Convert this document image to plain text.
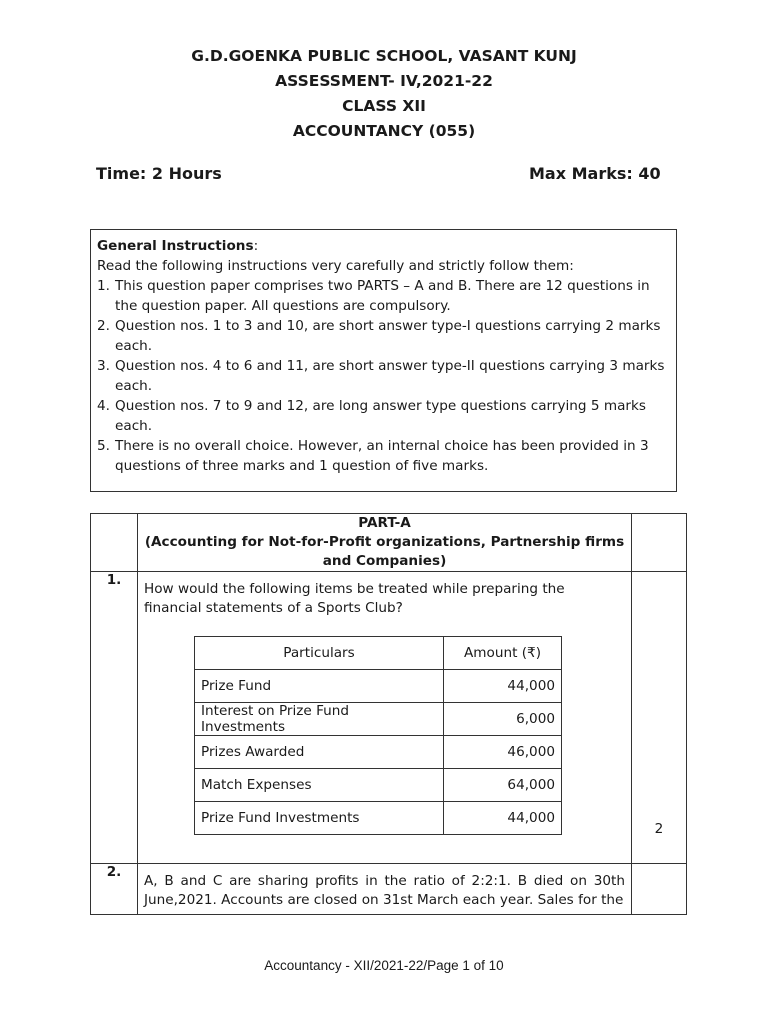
G.D.GOENKA PUBLIC SCHOOL, VASANT KUNJ
ASSESSMENT- IV,2021-22
CLASS XII
ACCOUNTANCY (055)
Time: 2 Hours	Max Marks: 40
General Instructions:
Read the following instructions very carefully and strictly follow them:
1. This question paper comprises two PARTS – A and B. There are 12 questions in the question paper. All questions are compulsory.
2. Question nos. 1 to 3 and 10, are short answer type-I questions carrying 2 marks each.
3. Question nos. 4 to 6 and 11, are short answer type-II questions carrying 3 marks each.
4. Question nos. 7 to 9 and 12, are long answer type questions carrying 5 marks each.
5. There is no overall choice. However, an internal choice has been provided in 3 questions of three marks and 1 question of five marks.

PART-A
(Accounting for Not-for-Profit organizations, Partnership firms and Companies)

1.	
How would the following items be treated while preparing the financial statements of a Sports Club?
Particulars	Amount (₹)
Prize Fund	44,000
Interest on Prize Fund Investments	6,000
Prizes Awarded	46,000
Match Expenses	64,000
Prize Fund Investments	44,000
	2
2.	
A, B and C are sharing profits in the ratio of 2:2:1. B died on 30th June,2021. Accounts are closed on 31st March each year. Sales for the

Accountancy - XII/2021-22/Page 1 of 10
